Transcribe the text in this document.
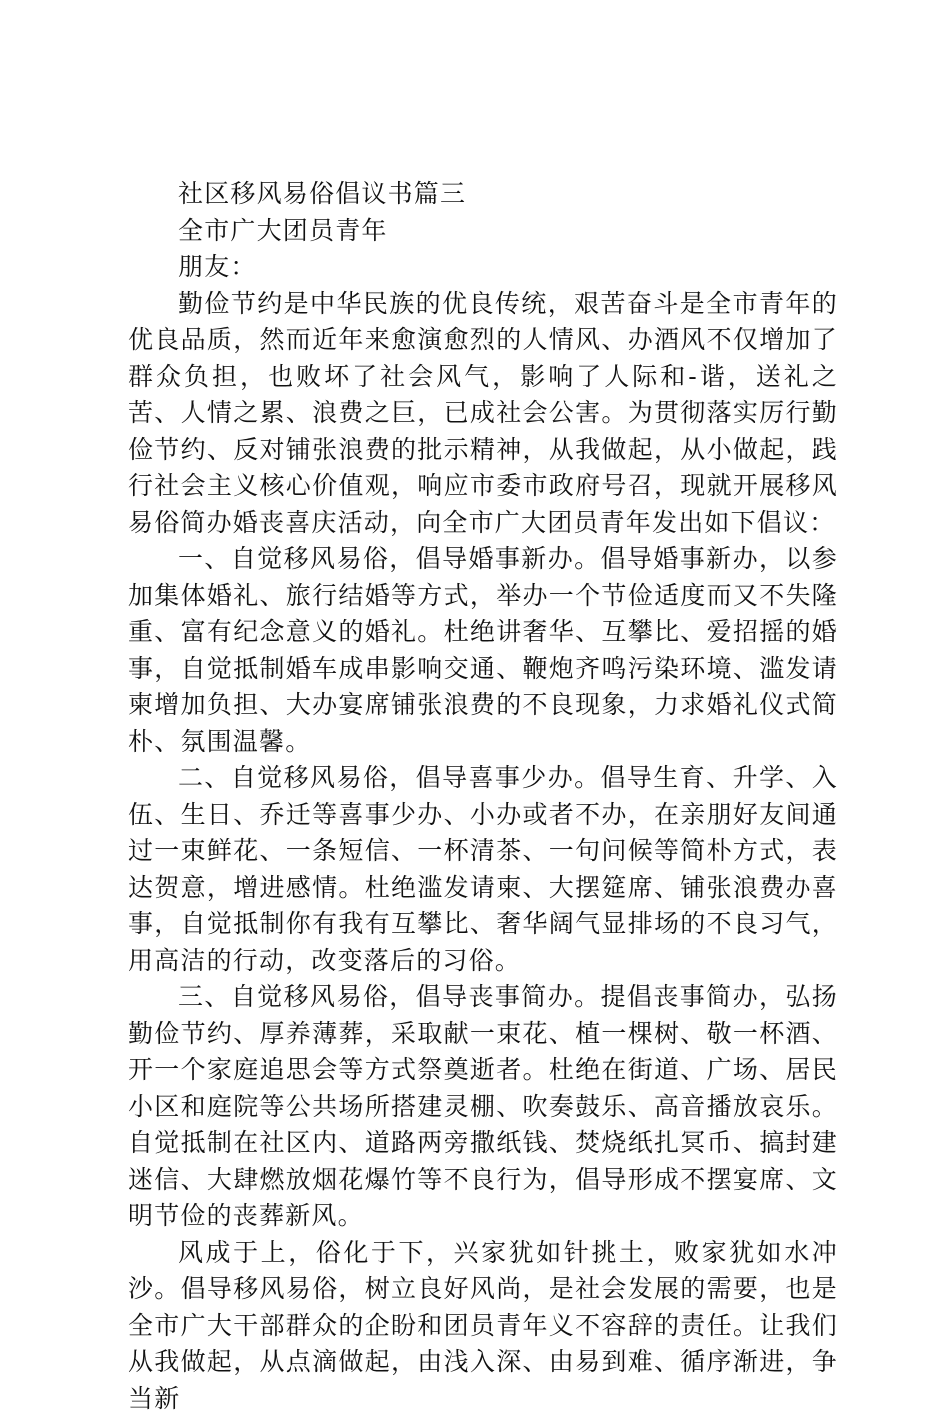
社区移风易俗倡议书篇三

全市广大团员青年

朋友：

勤俭节约是中华民族的优良传统，艰苦奋斗是全市青年的优良品质，然而近年来愈演愈烈的人情风、办酒风不仅增加了群众负担，也败坏了社会风气，影响了人际和-谐，送礼之苦、人情之累、浪费之巨，已成社会公害。为贯彻落实厉行勤俭节约、反对铺张浪费的批示精神，从我做起，从小做起，践行社会主义核心价值观，响应市委市政府号召，现就开展移风易俗简办婚丧喜庆活动，向全市广大团员青年发出如下倡议：

一、自觉移风易俗，倡导婚事新办。倡导婚事新办，以参加集体婚礼、旅行结婚等方式，举办一个节俭适度而又不失隆重、富有纪念意义的婚礼。杜绝讲奢华、互攀比、爱招摇的婚事，自觉抵制婚车成串影响交通、鞭炮齐鸣污染环境、滥发请柬增加负担、大办宴席铺张浪费的不良现象，力求婚礼仪式简朴、氛围温馨。

二、自觉移风易俗，倡导喜事少办。倡导生育、升学、入伍、生日、乔迁等喜事少办、小办或者不办，在亲朋好友间通过一束鲜花、一条短信、一杯清茶、一句问候等简朴方式，表达贺意，增进感情。杜绝滥发请柬、大摆筵席、铺张浪费办喜事，自觉抵制你有我有互攀比、奢华阔气显排场的不良习气，用高洁的行动，改变落后的习俗。

三、自觉移风易俗，倡导丧事简办。提倡丧事简办，弘扬勤俭节约、厚养薄葬，采取献一束花、植一棵树、敬一杯酒、开一个家庭追思会等方式祭奠逝者。杜绝在街道、广场、居民小区和庭院等公共场所搭建灵棚、吹奏鼓乐、高音播放哀乐。自觉抵制在社区内、道路两旁撒纸钱、焚烧纸扎冥币、搞封建迷信、大肆燃放烟花爆竹等不良行为，倡导形成不摆宴席、文明节俭的丧葬新风。

风成于上，俗化于下，兴家犹如针挑土，败家犹如水冲沙。倡导移风易俗，树立良好风尚，是社会发展的需要，也是全市广大干部群众的企盼和团员青年义不容辞的责任。让我们从我做起，从点滴做起，由浅入深、由易到难、循序渐进，争当新
